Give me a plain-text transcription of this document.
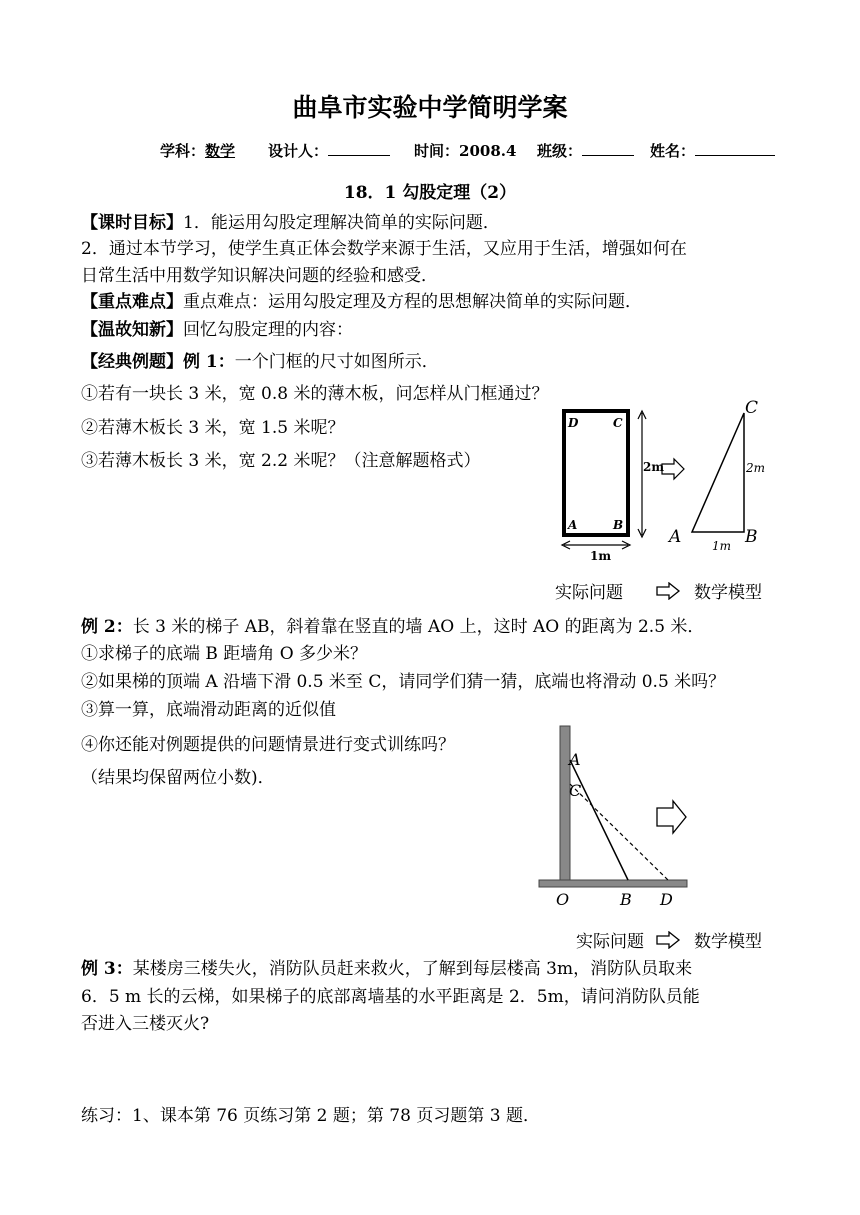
曲阜市实验中学简明学案
学科：数学 设计人：	时间：2008.4 班级：	姓名：
18．1 勾股定理（2）
【课时目标】1．能运用勾股定理解决简单的实际问题．
2．通过本节学习，使学生真正体会数学来源于生活，又应用于生活，增强如何在
日常生活中用数学知识解决问题的经验和感受．
【重点难点】重点难点：运用勾股定理及方程的思想解决简单的实际问题．
【温故知新】回忆勾股定理的内容：
【经典例题】例 1：一个门框的尺寸如图所示．
①若有一块长 3 米，宽 0.8 米的薄木板，问怎样从门框通过？
②若薄木板长 3 米，宽 1.5 米呢？
③若薄木板长 3 米，宽 2.2 米呢？（注意解题格式）
D	C
A	B
2m
1m
C
A	B
2m
1m
实际问题	数学模型
例 2：长 3 米的梯子 AB，斜着靠在竖直的墙 AO 上，这时 AO 的距离为 2.5 米．
①求梯子的底端 B 距墙角 O 多少米？
②如果梯的顶端 A 沿墙下滑 0.5 米至 C，请同学们猜一猜，底端也将滑动 0.5 米吗？
③算一算，底端滑动距离的近似值
④你还能对例题提供的问题情景进行变式训练吗？
（结果均保留两位小数)．
A
C
O	B D
实际问题	数学模型
例 3：某楼房三楼失火，消防队员赶来救火，了解到每层楼高 3m，消防队员取来
6．5 m 长的云梯，如果梯子的底部离墙基的水平距离是 2．5m，请问消防队员能
否进入三楼灭火?
练习：1、课本第 76 页练习第 2 题；第 78 页习题第 3 题．
